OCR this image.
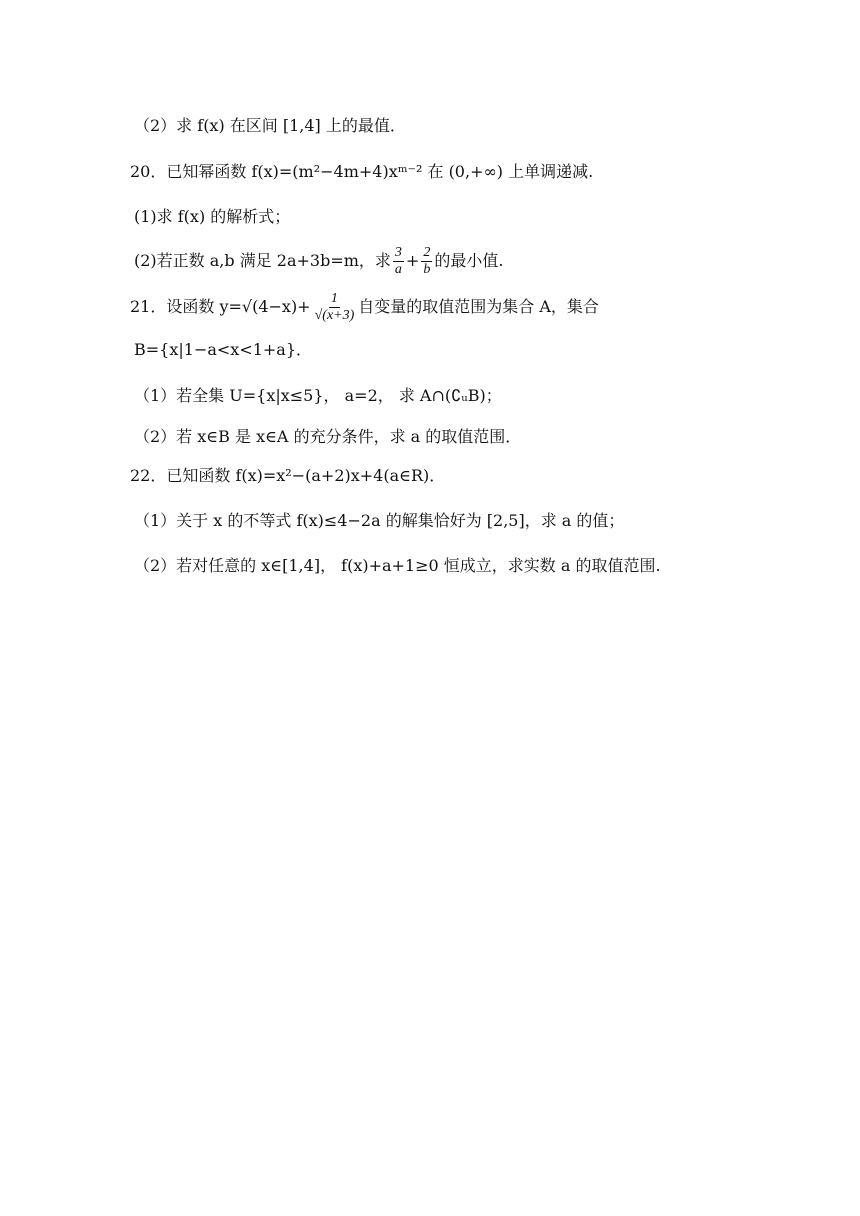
（2）求 f(x) 在区间 [1,4] 上的最值．
20．已知幂函数 f(x)=(m²−4m+4)xᵐ⁻² 在 (0,+∞) 上单调递减.
(1)求 f(x) 的解析式；
(2)若正数 a,b 满足 2a+3b=m，求 $\frac{3}{a} + \frac{2}{b}$ 的最小值.
21．设函数 $y=√(4-x)+ \frac{1}{√(x+3)}$ 自变量的取值范围为集合 A，集合
B={x|1−a<x<1+a}．
（1）若全集 U={x|x≤5}， a=2， 求 A∩(∁ᵤB)；
（2）若 x∈B 是 x∈A 的充分条件，求 a 的取值范围．
22．已知函数 f(x)=x²−(a+2)x+4(a∈R)．
（1）关于 x 的不等式 f(x)≤4−2a 的解集恰好为 [2,5]，求 a 的值；
（2）若对任意的 x∈[1,4]， f(x)+a+1≥0 恒成立，求实数 a 的取值范围.
